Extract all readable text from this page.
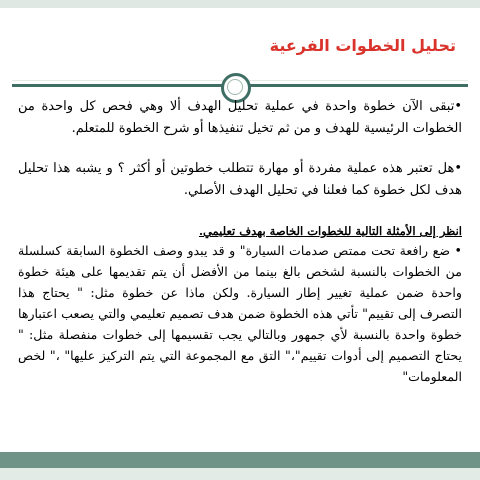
تحليل الخطوات الفرعية

•تبقى الآن خطوة واحدة في عملية تحليل الهدف ألا وهي فحص كل واحدة من الخطوات الرئيسية للهدف و من ثم تخيل تنفيذها أو شرح الخطوة للمتعلم.

•هل تعتبر هذه عملية مفردة أو مهارة تتطلب خطوتين أو أكثر ؟ و يشبه هذا تحليل هدف لكل خطوة كما فعلنا في تحليل الهدف الأصلي.

انظر إلى الأمثلة التالية للخطوات الخاصة بهدف تعليمي.

• ضع رافعة تحت ممتص صدمات السيارة" و قد يبدو وصف الخطوة السابقة كسلسلة من الخطوات بالنسبة لشخص بالغ بينما من الأفضل أن يتم تقديمها على هيئة خطوة واحدة ضمن عملية تغيير إطار السيارة. ولكن ماذا عن خطوة مثل: " يحتاج هذا التصرف إلى تقييم" تأتي هذه الخطوة ضمن هدف تصميم تعليمي والتي يصعب اعتبارها خطوة واحدة بالنسبة لأي جمهور وبالتالي يجب تقسيمها إلى خطوات منفصلة مثل: " يحتاج التصميم إلى أدوات تقييم"،" التق مع المجموعة التي يتم التركيز عليها" ،" لخص المعلومات"
